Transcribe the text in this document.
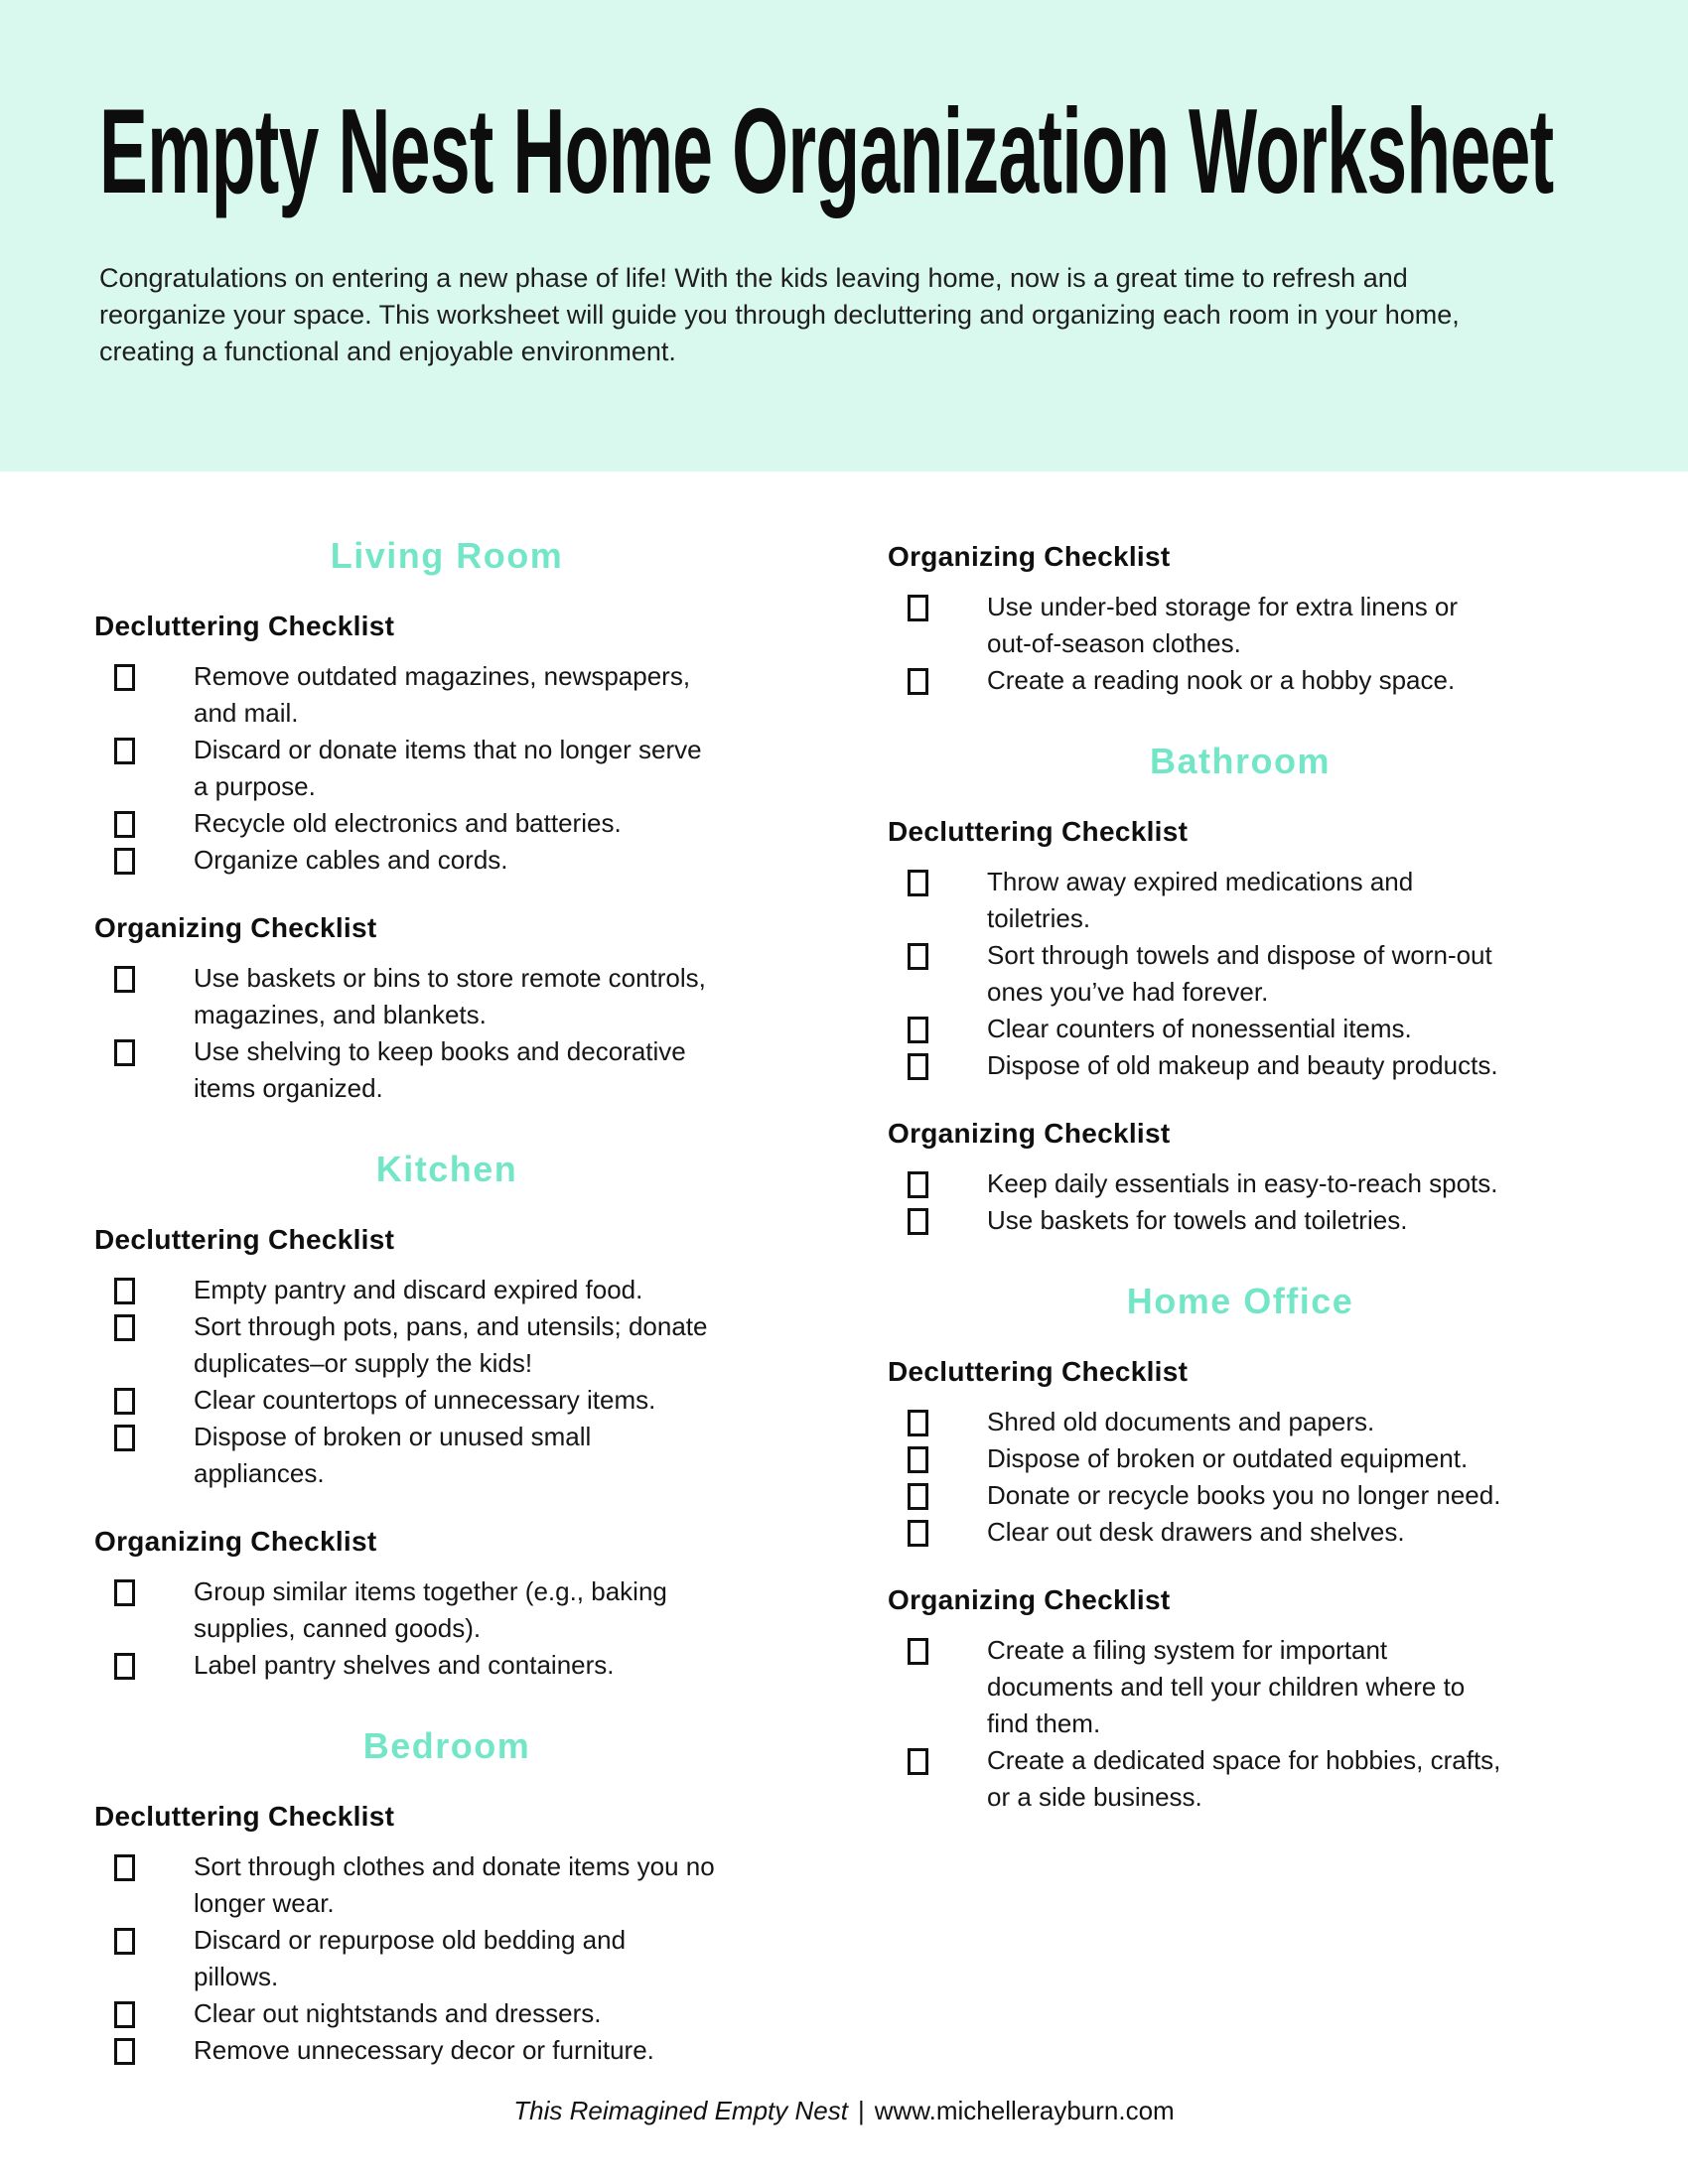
Empty Nest Home Organization Worksheet

Congratulations on entering a new phase of life! With the kids leaving home, now is a great time to refresh and reorganize your space. This worksheet will guide you through decluttering and organizing each room in your home, creating a functional and enjoyable environment.

Living Room
Decluttering Checklist
Remove outdated magazines, newspapers, and mail.
Discard or donate items that no longer serve a purpose.
Recycle old electronics and batteries.
Organize cables and cords.
Organizing Checklist
Use baskets or bins to store remote controls, magazines, and blankets.
Use shelving to keep books and decorative items organized.
Kitchen
Decluttering Checklist
Empty pantry and discard expired food.
Sort through pots, pans, and utensils; donate duplicates–or supply the kids!
Clear countertops of unnecessary items.
Dispose of broken or unused small appliances.
Organizing Checklist
Group similar items together (e.g., baking supplies, canned goods).
Label pantry shelves and containers.
Bedroom
Decluttering Checklist
Sort through clothes and donate items you no longer wear.
Discard or repurpose old bedding and pillows.
Clear out nightstands and dressers.
Remove unnecessary decor or furniture.
Organizing Checklist
Use under-bed storage for extra linens or out-of-season clothes.
Create a reading nook or a hobby space.
Bathroom
Decluttering Checklist
Throw away expired medications and toiletries.
Sort through towels and dispose of worn-out ones you’ve had forever.
Clear counters of nonessential items.
Dispose of old makeup and beauty products.
Organizing Checklist
Keep daily essentials in easy-to-reach spots.
Use baskets for towels and toiletries.
Home Office
Decluttering Checklist
Shred old documents and papers.
Dispose of broken or outdated equipment.
Donate or recycle books you no longer need.
Clear out desk drawers and shelves.
Organizing Checklist
Create a filing system for important documents and tell your children where to find them.
Create a dedicated space for hobbies, crafts, or a side business.
This Reimagined Empty Nest | www.michellerayburn.com
